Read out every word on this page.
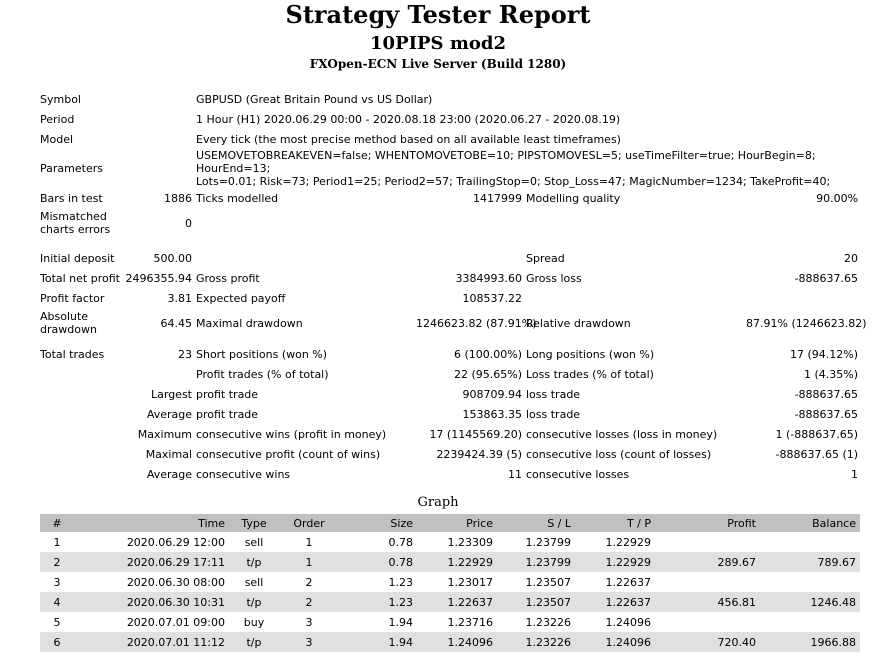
Strategy Tester Report
10PIPS mod2
FXOpen-ECN Live Server (Build 1280)
Symbol		GBPUSD (Great Britain Pound vs US Dollar)			
Period		1 Hour (H1) 2020.06.29 00:00 - 2020.08.18 23:00 (2020.06.27 - 2020.08.19)			
Model		Every tick (the most precise method based on all available least timeframes)			
Parameters		USEMOVETOBREAKEVEN=false; WHENTOMOVETOBE=10; PIPSTOMOVESL=5; useTimeFilter=true; HourBegin=8; HourEnd=13;
Lots=0.01; Risk=73; Period1=25; Period2=57; TrailingStop=0; Stop_Loss=47; MagicNumber=1234; TakeProfit=40;			

Bars in test	1886	Ticks modelled	1417999	Modelling quality	90.00%
Mismatched charts errors	0				

Initial deposit	500.00			Spread	20
Total net profit	2496355.94	Gross profit	3384993.60	Gross loss	-888637.65
Profit factor	3.81	Expected payoff	108537.22		
Absolute drawdown	64.45	Maximal drawdown	1246623.82 (87.91%)	Relative drawdown	87.91% (1246623.82)

Total trades	23	Short positions (won %)	6 (100.00%)	Long positions (won %)	17 (94.12%)
		Profit trades (% of total)	22 (95.65%)	Loss trades (% of total)	1 (4.35%)
	Largest	profit trade	908709.94	loss trade	-888637.65
	Average	profit trade	153863.35	loss trade	-888637.65
	Maximum	consecutive wins (profit in money)	17 (1145569.20)	consecutive losses (loss in money)	1 (-888637.65)
	Maximal	consecutive profit (count of wins)	2239424.39 (5)	consecutive loss (count of losses)	-888637.65 (1)
	Average	consecutive wins	11	consecutive losses	1
Graph
#	Time	Type	Order	Size	Price	S / L	T / P	Profit	Balance
1	2020.06.29 12:00	sell	1	0.78	1.23309	1.23799	1.22929		
2	2020.06.29 17:11	t/p	1	0.78	1.22929	1.23799	1.22929	289.67	789.67
3	2020.06.30 08:00	sell	2	1.23	1.23017	1.23507	1.22637		
4	2020.06.30 10:31	t/p	2	1.23	1.22637	1.23507	1.22637	456.81	1246.48
5	2020.07.01 09:00	buy	3	1.94	1.23716	1.23226	1.24096		
6	2020.07.01 11:12	t/p	3	1.94	1.24096	1.23226	1.24096	720.40	1966.88
